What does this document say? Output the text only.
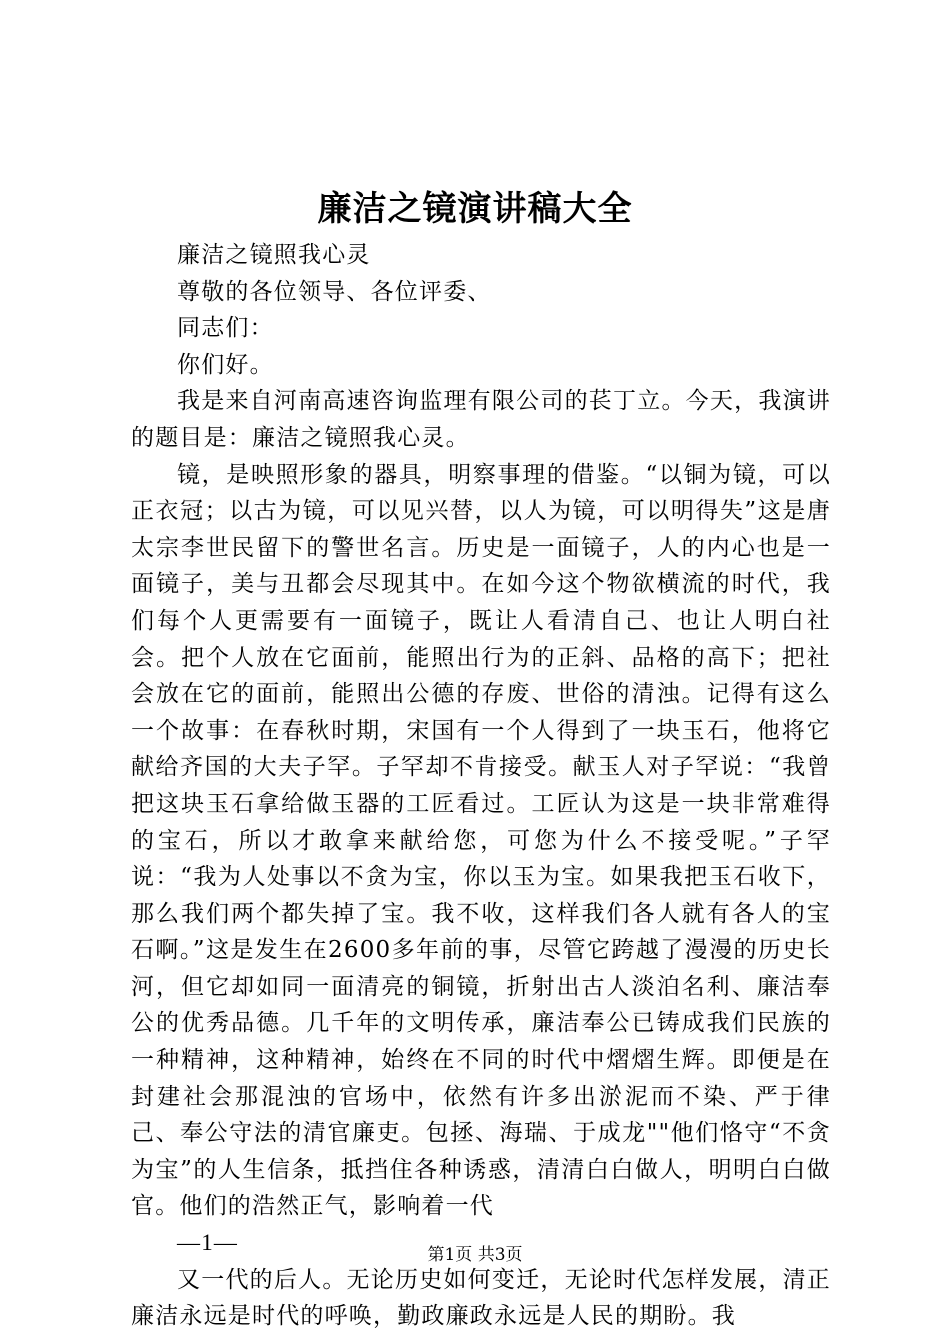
廉洁之镜演讲稿大全

廉洁之镜照我心灵

尊敬的各位领导、各位评委、

同志们：

你们好。

我是来自河南高速咨询监理有限公司的苌丁立。今天，我演讲的题目是：廉洁之镜照我心灵。

镜，是映照形象的器具，明察事理的借鉴。“以铜为镜，可以正衣冠；以古为镜，可以见兴替，以人为镜，可以明得失”这是唐太宗李世民留下的警世名言。历史是一面镜子，人的内心也是一面镜子，美与丑都会尽现其中。在如今这个物欲横流的时代，我们每个人更需要有一面镜子，既让人看清自己、也让人明白社会。把个人放在它面前，能照出行为的正斜、品格的高下；把社会放在它的面前，能照出公德的存废、世俗的清浊。记得有这么一个故事：在春秋时期，宋国有一个人得到了一块玉石，他将它献给齐国的大夫子罕。子罕却不肯接受。献玉人对子罕说：“我曾把这块玉石拿给做玉器的工匠看过。工匠认为这是一块非常难得的宝石，所以才敢拿来献给您，可您为什么不接受呢。”子罕说：“我为人处事以不贪为宝，你以玉为宝。如果我把玉石收下，那么我们两个都失掉了宝。我不收，这样我们各人就有各人的宝石啊。”这是发生在2600多年前的事，尽管它跨越了漫漫的历史长河，但它却如同一面清亮的铜镜，折射出古人淡泊名利、廉洁奉公的优秀品德。几千年的文明传承，廉洁奉公已铸成我们民族的一种精神，这种精神，始终在不同的时代中熠熠生辉。即便是在封建社会那混浊的官场中，依然有许多出淤泥而不染、严于律己、奉公守法的清官廉吏。包拯、海瑞、于成龙""他们恪守“不贪为宝”的人生信条，抵挡住各种诱惑，清清白白做人，明明白白做官。他们的浩然正气，影响着一代

—1—

又一代的后人。无论历史如何变迁，无论时代怎样发展，清正廉洁永远是时代的呼唤，勤政廉政永远是人民的期盼。我

第1页 共3页
